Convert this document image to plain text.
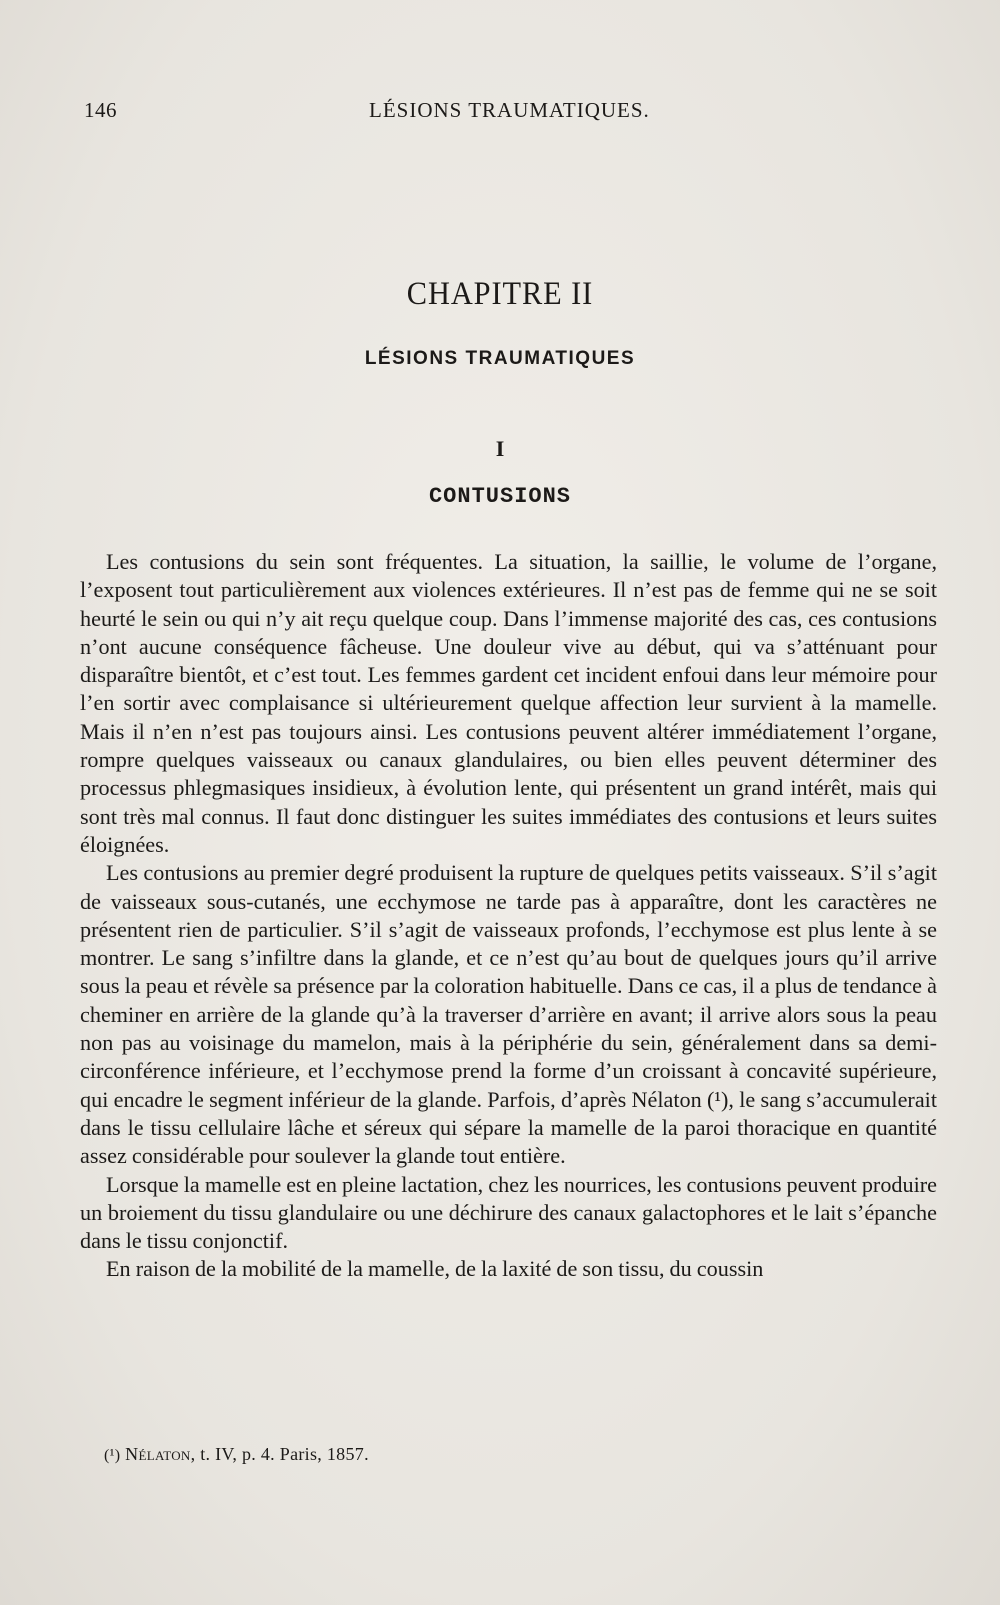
146	LÉSIONS TRAUMATIQUES.
CHAPITRE II
LÉSIONS TRAUMATIQUES
I
CONTUSIONS

Les contusions du sein sont fréquentes. La situation, la saillie, le volume de l’organe, l’exposent tout particulièrement aux violences extérieures. Il n’est pas de femme qui ne se soit heurté le sein ou qui n’y ait reçu quelque coup. Dans l’immense majorité des cas, ces contusions n’ont aucune conséquence fâcheuse. Une douleur vive au début, qui va s’atténuant pour disparaître bientôt, et c’est tout. Les femmes gardent cet incident enfoui dans leur mémoire pour l’en sortir avec complaisance si ultérieurement quelque affection leur survient à la mamelle. Mais il n’en n’est pas toujours ainsi. Les contusions peuvent altérer immédiatement l’organe, rompre quelques vaisseaux ou canaux glandulaires, ou bien elles peuvent déterminer des processus phlegmasiques insidieux, à évolution lente, qui présentent un grand intérêt, mais qui sont très mal connus. Il faut donc distinguer les suites immédiates des contusions et leurs suites éloignées.

Les contusions au premier degré produisent la rupture de quelques petits vaisseaux. S’il s’agit de vaisseaux sous-cutanés, une ecchymose ne tarde pas à apparaître, dont les caractères ne présentent rien de particulier. S’il s’agit de vaisseaux profonds, l’ecchymose est plus lente à se montrer. Le sang s’infiltre dans la glande, et ce n’est qu’au bout de quelques jours qu’il arrive sous la peau et révèle sa présence par la coloration habituelle. Dans ce cas, il a plus de tendance à cheminer en arrière de la glande qu’à la traverser d’arrière en avant; il arrive alors sous la peau non pas au voisinage du mamelon, mais à la périphérie du sein, généralement dans sa demi-circonférence inférieure, et l’ecchymose prend la forme d’un croissant à concavité supérieure, qui encadre le segment inférieur de la glande. Parfois, d’après Nélaton (¹), le sang s’accumulerait dans le tissu cellulaire lâche et séreux qui sépare la mamelle de la paroi thoracique en quantité assez considérable pour soulever la glande tout entière.

Lorsque la mamelle est en pleine lactation, chez les nourrices, les contusions peuvent produire un broiement du tissu glandulaire ou une déchirure des canaux galactophores et le lait s’épanche dans le tissu conjonctif.

En raison de la mobilité de la mamelle, de la laxité de son tissu, du coussin

(¹) Nélaton, t. IV, p. 4. Paris, 1857.
